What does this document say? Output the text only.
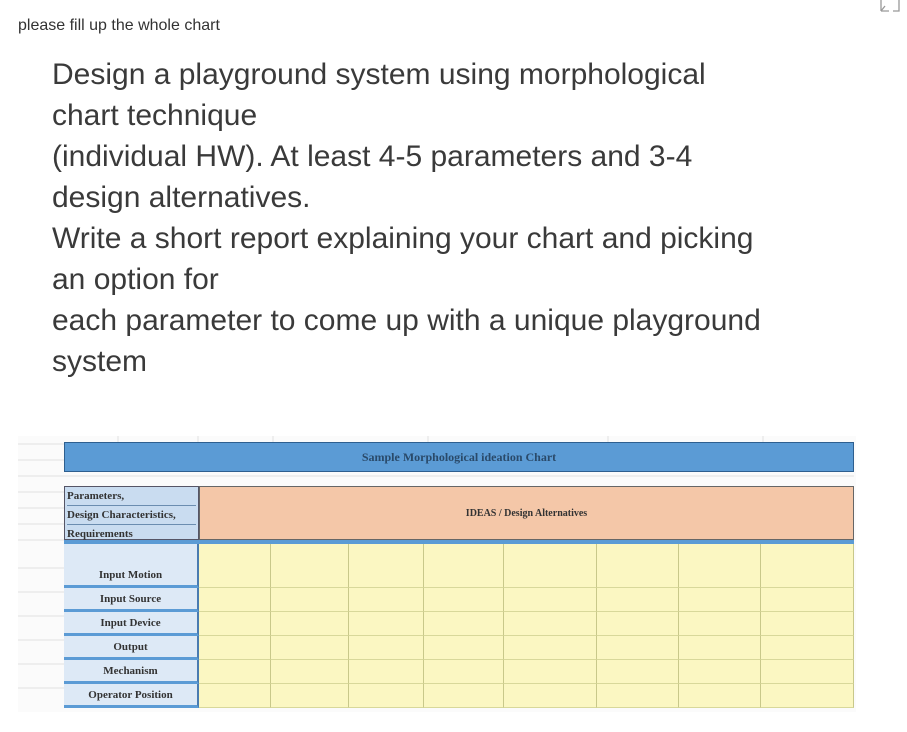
please fill up the whole chart
Design a playground system using morphological
chart technique
(individual HW). At least 4-5 parameters and 3-4
design alternatives.
Write a short report explaining your chart and picking
an option for
each parameter to come up with a unique playground
system
Sample Morphological ideation Chart
Parameters,
Design Characteristics,
Requirements
IDEAS / Design Alternatives
Input Motion
Input Source
Input Device
Output
Mechanism
Operator Position
